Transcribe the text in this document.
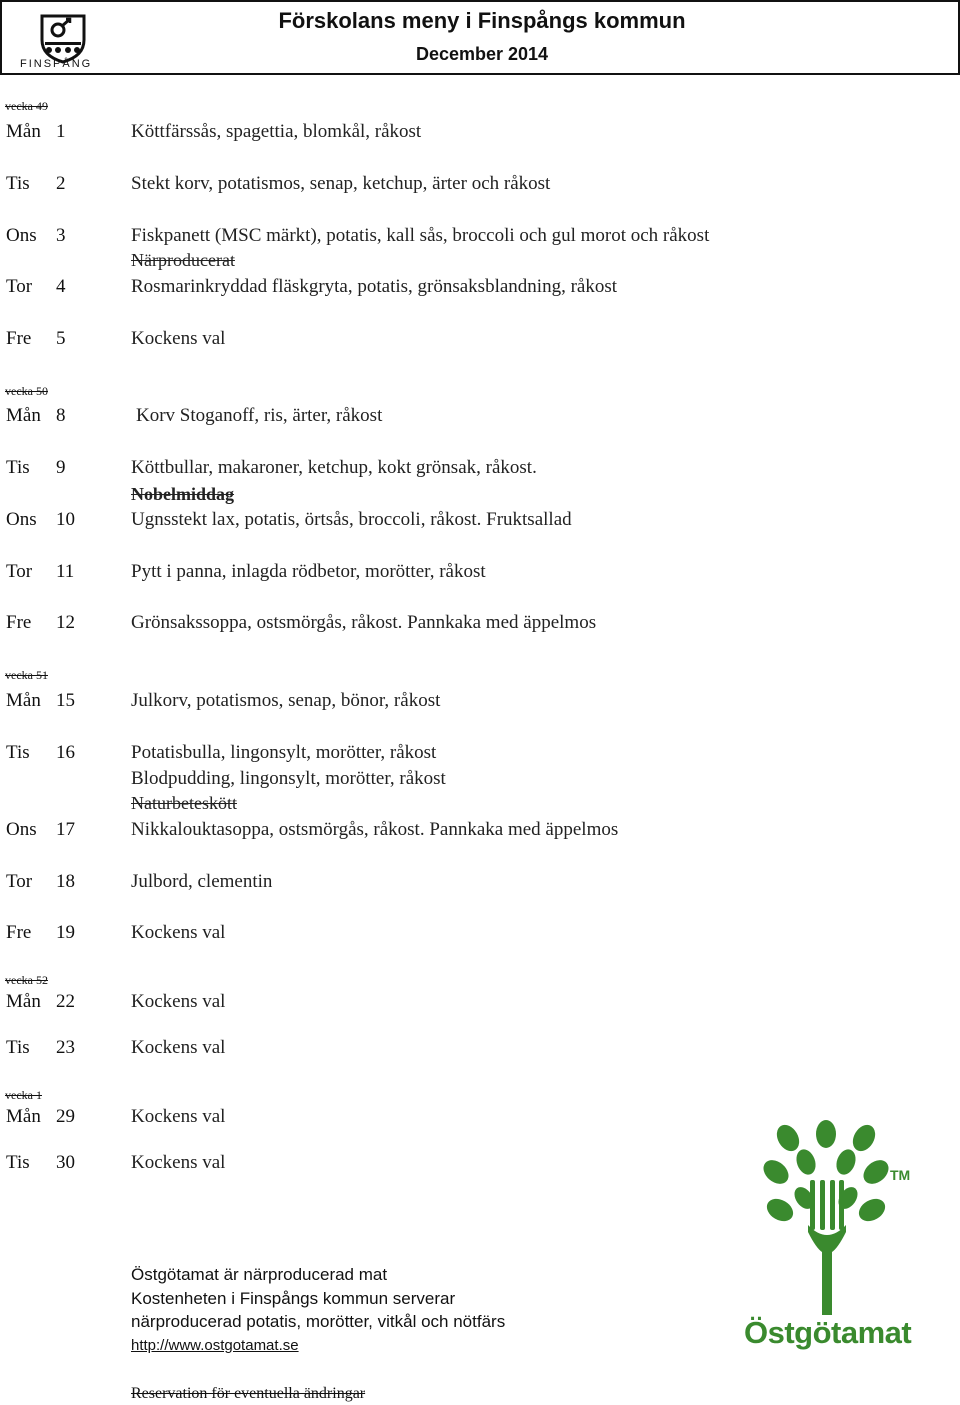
FINSPÅNG
Förskolans meny i Finspångs kommun
December 2014
vecka 49
Mån 1	Köttfärssås, spagettia, blomkål, råkost
Tis 2	Stekt korv, potatismos, senap, ketchup, ärter och råkost
Ons 3	Fiskpanett (MSC märkt), potatis, kall sås, broccoli och gul morot och råkost
Närproducerat
Tor 4	Rosmarinkryddad fläskgryta, potatis, grönsaksblandning, råkost
Fre 5	Kockens val
vecka 50
Mån 8	Korv Stoganoff, ris, ärter, råkost
Tis 9	Köttbullar, makaroner, ketchup, kokt grönsak, råkost.
Nobelmiddag
Ons 10	Ugnsstekt lax, potatis, örtsås, broccoli, råkost. Fruktsallad
Tor 11	Pytt i panna, inlagda rödbetor, morötter, råkost
Fre 12	Grönsakssoppa, ostsmörgås, råkost. Pannkaka med äppelmos
vecka 51
Mån 15	Julkorv, potatismos, senap, bönor, råkost
Tis 16	Potatisbulla, lingonsylt, morötter, råkost
Blodpudding, lingonsylt, morötter, råkost
Naturbeteskött
Ons 17	Nikkalouktasoppa, ostsmörgås, råkost. Pannkaka med äppelmos
Tor 18	Julbord, clementin
Fre 19	Kockens val
vecka 52
Mån 22	Kockens val
Tis 23	Kockens val
vecka 1
Mån 29	Kockens val
Tis 30	Kockens val
TM
Östgötamat
Östgötamat är närproducerad mat
Kostenheten i Finspångs kommun serverar
närproducerad potatis, morötter, vitkål och nötfärs
http://www.ostgotamat.se
Reservation för eventuella ändringar
